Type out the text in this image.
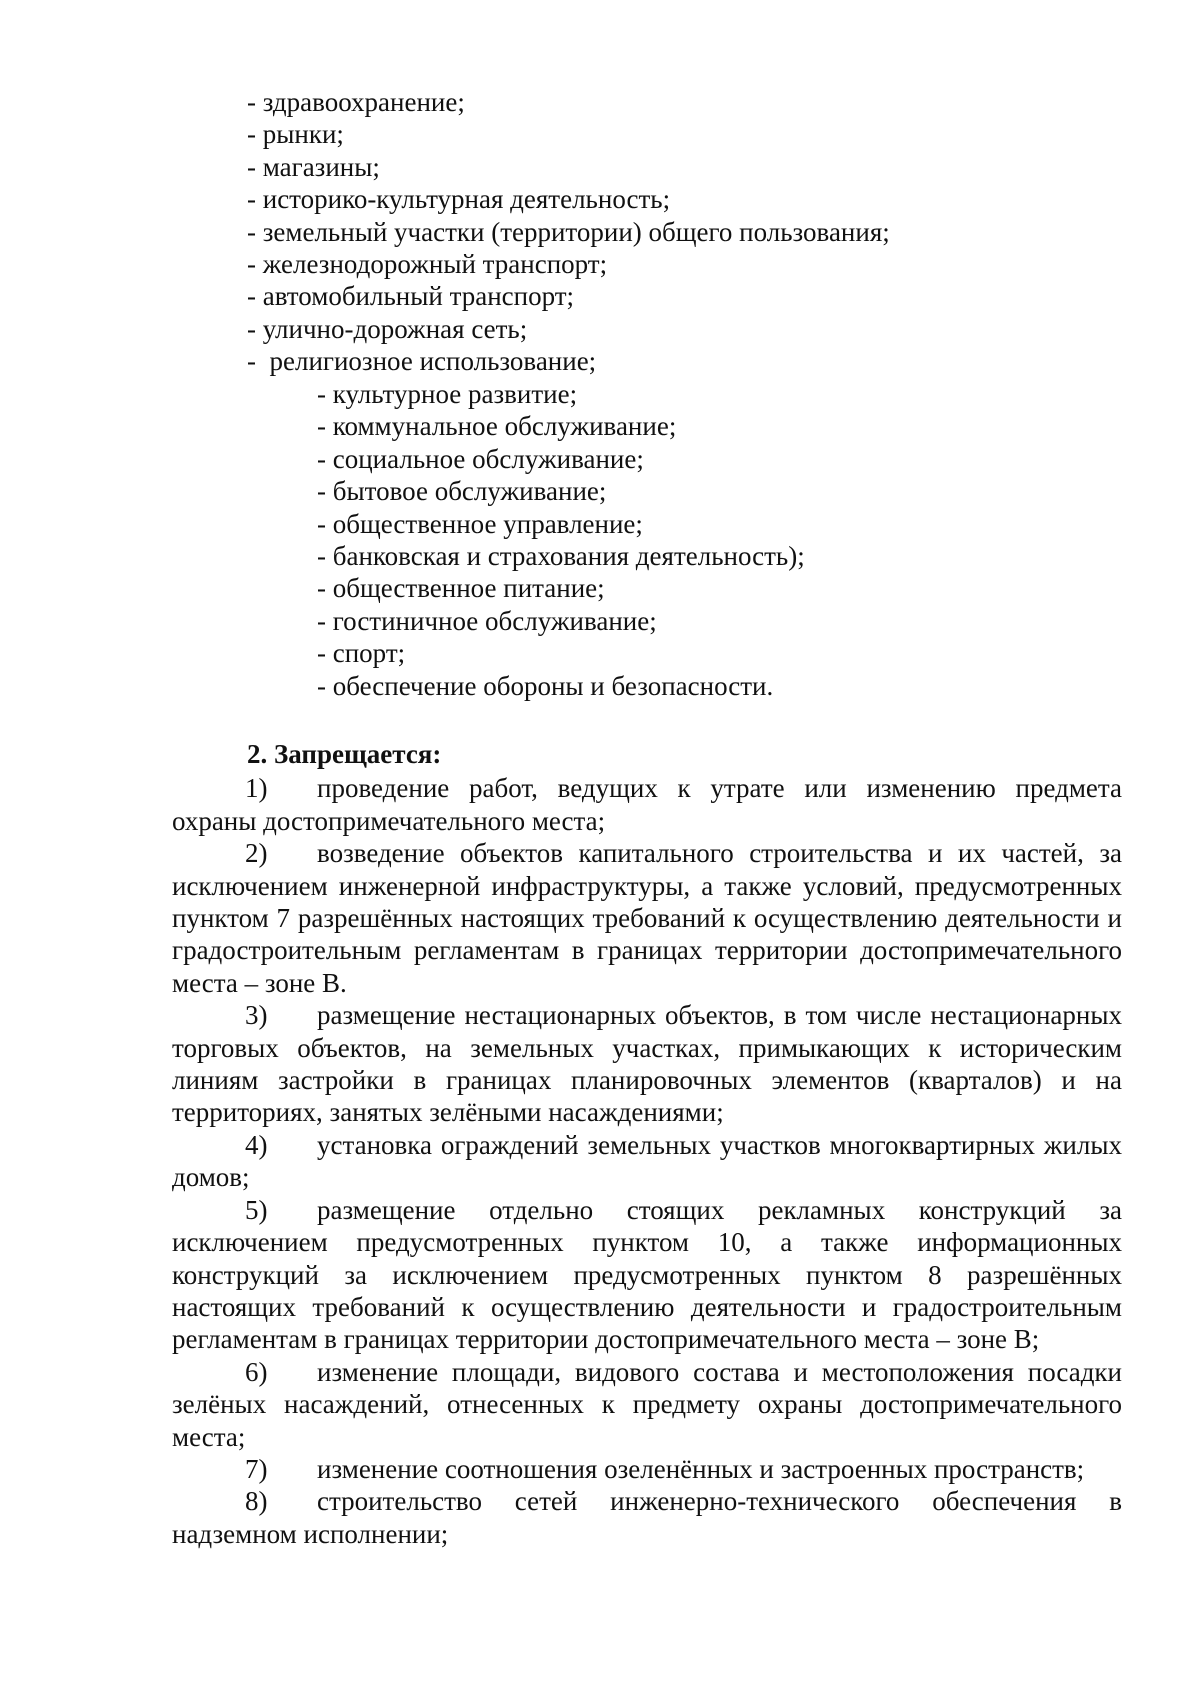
- здравоохранение;
- рынки;
- магазины;
- историко-культурная деятельность;
- земельный участки (территории) общего пользования;
- железнодорожный транспорт;
- автомобильный транспорт;
- улично-дорожная сеть;
-  религиозное использование;
- культурное развитие;
- коммунальное обслуживание;
- социальное обслуживание;
- бытовое обслуживание;
- общественное управление;
- банковская и страхования деятельность);
- общественное питание;
- гостиничное обслуживание;
- спорт;
- обеспечение обороны и безопасности.
2. Запрещается:
1) проведение работ, ведущих к утрате или изменению предмета охраны достопримечательного места;
2) возведение объектов капитального строительства и их частей, за исключением инженерной инфраструктуры, а также условий, предусмотренных пунктом 7 разрешённых настоящих требований к осуществлению деятельности и градостроительным регламентам в границах территории достопримечательного места – зоне В.
3) размещение нестационарных объектов, в том числе нестационарных торговых объектов, на земельных участках, примыкающих к историческим линиям застройки в границах планировочных элементов (кварталов) и на территориях, занятых зелёными насаждениями;
4) установка ограждений земельных участков многоквартирных жилых домов;
5) размещение отдельно стоящих рекламных конструкций за исключением предусмотренных пунктом 10, а также информационных конструкций за исключением предусмотренных пунктом 8 разрешённых настоящих требований к осуществлению деятельности и градостроительным регламентам в границах территории достопримечательного места – зоне В;
6) изменение площади, видового состава и местоположения посадки зелёных насаждений, отнесенных к предмету охраны достопримечательного места;
7) изменение соотношения озеленённых и застроенных пространств;
8) строительство сетей инженерно-технического обеспечения в надземном исполнении;
